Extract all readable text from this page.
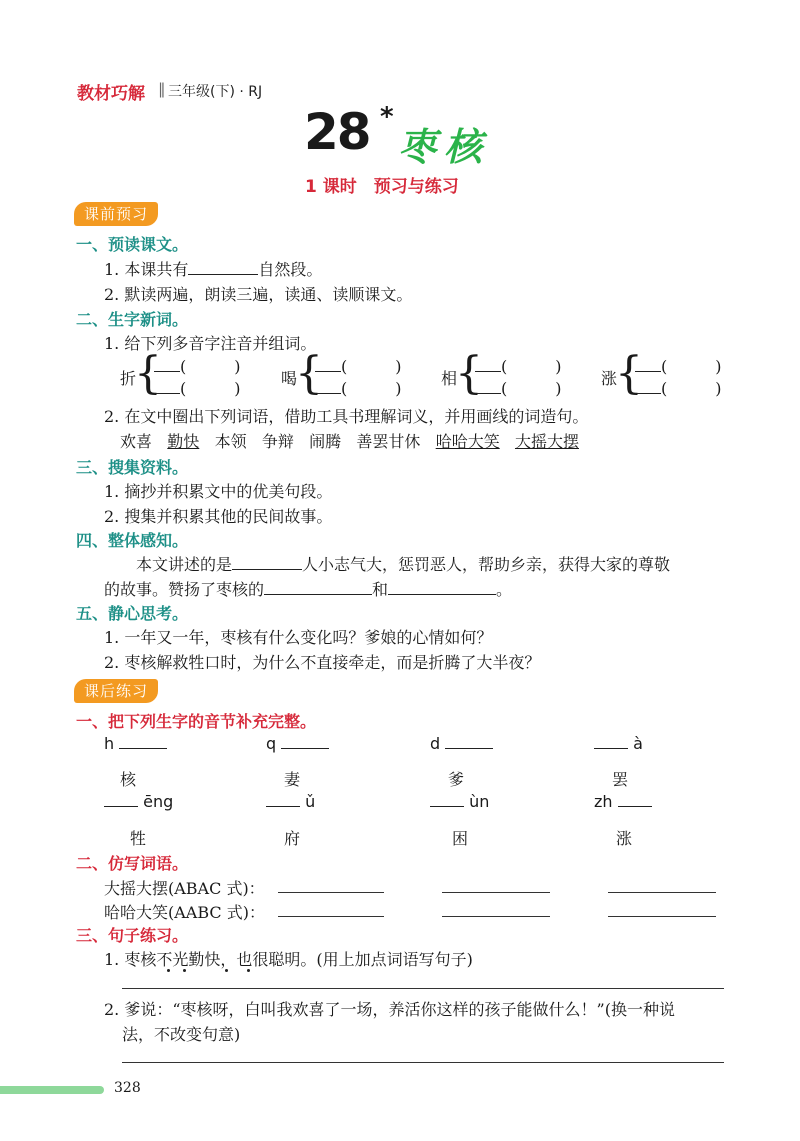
教材巧解 ‖ 三年级(下) · RJ
28 *
枣核
1 课时　预习与练习
课前预习
一、预读课文。
1. 本课共有	自然段。
2. 默读两遍，朗读三遍，读通、读顺课文。
二、生字新词。
1. 给下列多音字注音并组词。
折
{	(　　　)
(　　　)
喝
{	(　　　)
(　　　)
相
{	(　　　)
(　　　)
涨
{	(　　　)
(　　　)
2. 在文中圈出下列词语，借助工具书理解词义，并用画线的词造句。
欢喜 勤快 本领 争辩 闹腾 善罢甘休 哈哈大笑 大摇大摆
三、搜集资料。
1. 摘抄并积累文中的优美句段。
2. 搜集并积累其他的民间故事。
四、整体感知。
本文讲述的是	人小志气大，惩罚恶人，帮助乡亲，获得大家的尊敬
的故事。赞扬了枣核的	和	。
五、静心思考。
1. 一年又一年，枣核有什么变化吗？爹娘的心情如何？
2. 枣核解救牲口时，为什么不直接牵走，而是折腾了大半夜？
课后练习
一、把下列生字的音节补充完整。
h	q	d	à
核	妻	爹	罢
ēng	ǔ	ùn	zh
牲	府	困	涨
二、仿写词语。
大摇大摆(ABAC 式)：
哈哈大笑(AABC 式)：
三、句子练习。
1. 枣核不光勤快，也很聪明。(用上加点词语写句子)
2. 爹说：“枣核呀，白叫我欢喜了一场，养活你这样的孩子能做什么！”(换一种说
法，不改变句意)
328
